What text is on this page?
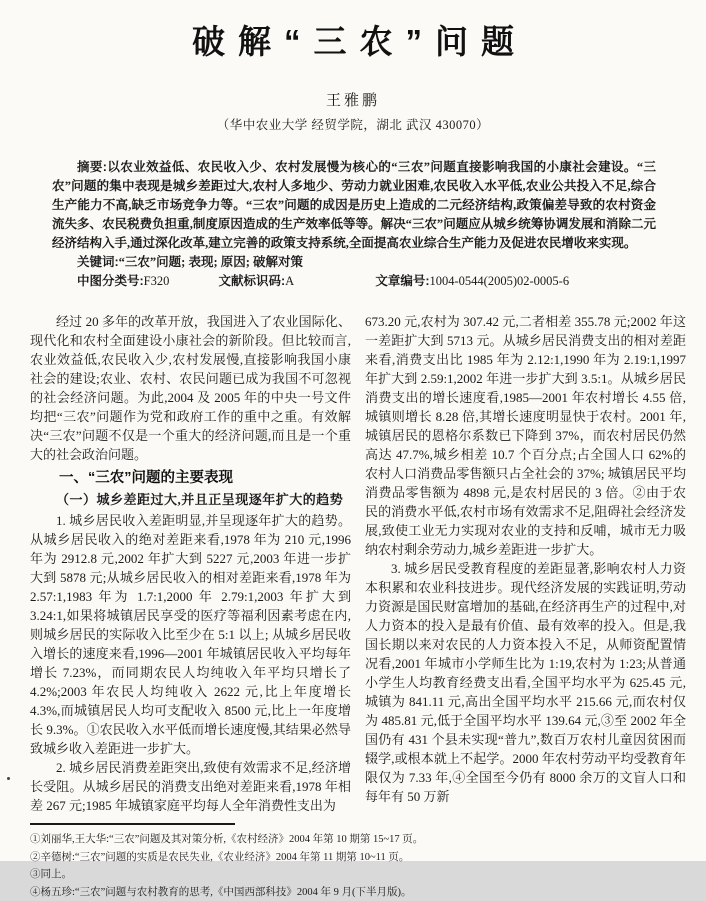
破解“三农”问题
王雅鹏
（华中农业大学 经贸学院，湖北 武汉 430070）

摘要:以农业效益低、农民收入少、农村发展慢为核心的“三农”问题直接影响我国的小康社会建设。“三农”问题的集中表现是城乡差距过大,农村人多地少、劳动力就业困难,农民收入水平低,农业公共投入不足,综合生产能力不高,缺乏市场竞争力等。“三农”问题的成因是历史上造成的二元经济结构,政策偏差导致的农村资金流失多、农民税费负担重,制度原因造成的生产效率低等等。解决“三农”问题应从城乡统筹协调发展和消除二元经济结构入手,通过深化改革,建立完善的政策支持系统,全面提高农业综合生产能力及促进农民增收来实现。

关键词:“三农”问题; 表现; 原因; 破解对策

中图分类号:F320	文献标识码:A	文章编号:1004-0544(2005)02-0005-6

经过 20 多年的改革开放，我国进入了农业国际化、现代化和农村全面建设小康社会的新阶段。但比较而言,农业效益低,农民收入少,农村发展慢,直接影响我国小康社会的建设;农业、农村、农民问题已成为我国不可忽视的社会经济问题。为此,2004 及 2005 年的中央一号文件均把“三农”问题作为党和政府工作的重中之重。有效解决“三农”问题不仅是一个重大的经济问题,而且是一个重大的社会政治问题。

一、“三农”问题的主要表现
（一）城乡差距过大,并且正呈现逐年扩大的趋势

1. 城乡居民收入差距明显,并呈现逐年扩大的趋势。从城乡居民收入的绝对差距来看,1978 年为 210 元,1996 年为 2912.8 元,2002 年扩大到 5227 元,2003 年进一步扩大到 5878 元;从城乡居民收入的相对差距来看,1978 年为 2.57:1,1983 年为 1.7:1,2000 年 2.79:1,2003 年扩大到 3.24:1,如果将城镇居民享受的医疗等福利因素考虑在内,则城乡居民的实际收入比至少在 5:1 以上; 从城乡居民收入增长的速度来看,1996—2001 年城镇居民收入平均每年增长 7.23%，而同期农民人均纯收入年平均只增长了 4.2%;2003 年农民人均纯收入 2622 元,比上年度增长 4.3%,而城镇居民人均可支配收入 8500 元,比上一年度增长 9.3%。①农民收入水平低而增长速度慢,其结果必然导致城乡收入差距进一步扩大。

2. 城乡居民消费差距突出,致使有效需求不足,经济增长受阻。从城乡居民的消费支出绝对差距来看,1978 年相差 267 元;1985 年城镇家庭平均每人全年消费性支出为

673.20 元,农村为 307.42 元,二者相差 355.78 元;2002 年这一差距扩大到 5713 元。从城乡居民消费支出的相对差距来看,消费支出比 1985 年为 2.12:1,1990 年为 2.19:1,1997 年扩大到 2.59:1,2002 年进一步扩大到 3.5:1。从城乡居民消费支出的增长速度看,1985—2001 年农村增长 4.55 倍,城镇则增长 8.28 倍,其增长速度明显快于农村。2001 年,城镇居民的恩格尔系数已下降到 37%，而农村居民仍然高达 47.7%,城乡相差 10.7 个百分点;占全国人口 62%的农村人口消费品零售额只占全社会的 37%; 城镇居民平均消费品零售额为 4898 元,是农村居民的 3 倍。②由于农民的消费水平低,农村市场有效需求不足,阻碍社会经济发展,致使工业无力实现对农业的支持和反哺，城市无力吸纳农村剩余劳动力,城乡差距进一步扩大。

3. 城乡居民受教育程度的差距显著,影响农村人力资本积累和农业科技进步。现代经济发展的实践证明,劳动力资源是国民财富增加的基础,在经济再生产的过程中,对人力资本的投入是最有价值、最有效率的投入。但是,我国长期以来对农民的人力资本投入不足，从师资配置情况看,2001 年城市小学师生比为 1:19,农村为 1:23;从普通小学生人均教育经费支出看,全国平均水平为 625.45 元,城镇为 841.11 元,高出全国平均水平 215.66 元,而农村仅为 485.81 元,低于全国平均水平 139.64 元,③至 2002 年全国仍有 431 个县未实现“普九”,数百万农村儿童因贫困而辍学,或根本就上不起学。2000 年农村劳动平均受教育年限仅为 7.33 年,④全国至今仍有 8000 余万的文盲人口和每年有 50 万新

①刘丽华,王大华:“三农”问题及其对策分析,《农村经济》2004 年第 10 期第 15~17 页。

②辛德树:“三农”问题的实质是农民失业,《农业经济》2004 年第 11 期第 10~11 页。

③同上。

④杨五珍:“三农”问题与农村教育的思考,《中国西部科技》2004 年 9 月(下半月版)。
